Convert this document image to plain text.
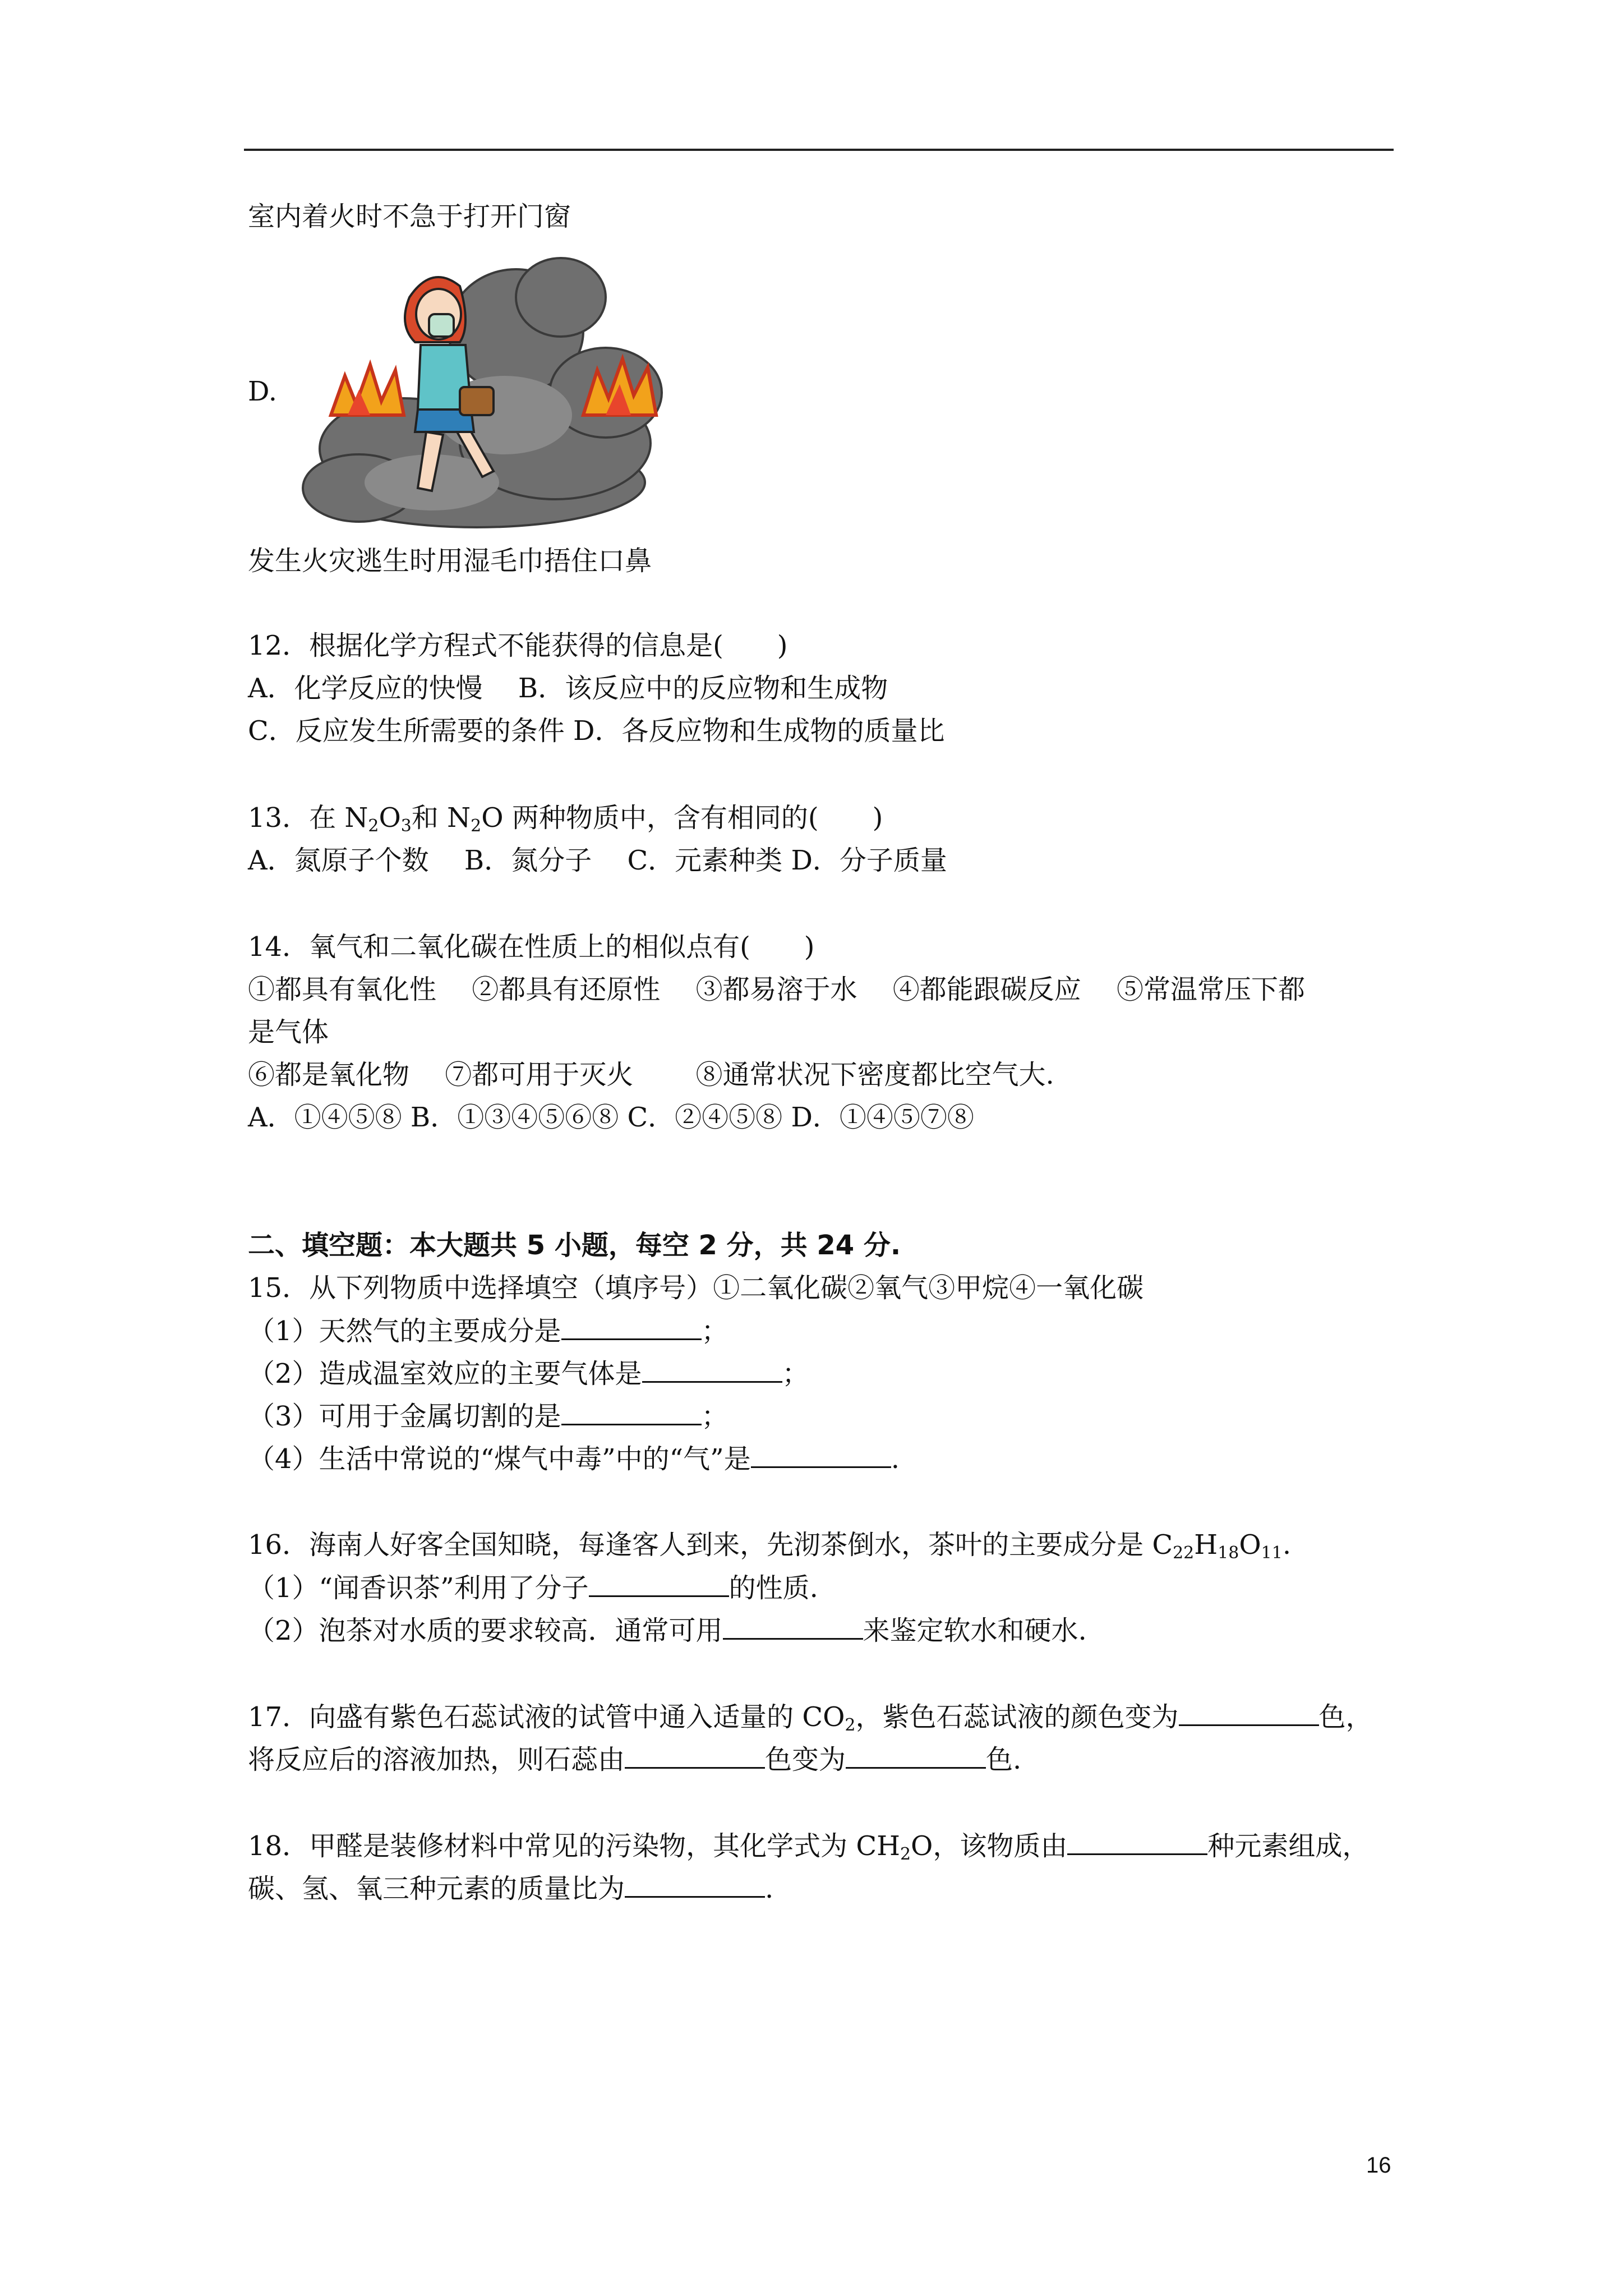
室内着火时不急于打开门窗
D.
发生火灾逃生时用湿毛巾捂住口鼻
12．根据化学方程式不能获得的信息是(　　)
A．化学反应的快慢　 B．该反应中的反应物和生成物
C．反应发生所需要的条件 D．各反应物和生成物的质量比
13．在 $N_2O_3$和 $N_2O$ 两种物质中，含有相同的(　　)
A．氮原子个数　 B．氮分子　 C．元素种类 D．分子质量
14．氧气和二氧化碳在性质上的相似点有(　　)
①都具有氧化性　 ②都具有还原性　 ③都易溶于水　 ④都能跟碳反应　 ⑤常温常压下都
是气体
⑥都是氧化物　 ⑦都可用于灭火　　 ⑧通常状况下密度都比空气大.
A．①④⑤⑧ B．①③④⑤⑥⑧ C．②④⑤⑧ D．①④⑤⑦⑧
二、填空题：本大题共 5 小题，每空 2 分，共 24 分.
15．从下列物质中选择填空（填序号）①二氧化碳②氧气③甲烷④一氧化碳
（1）天然气的主要成分是	；
（2）造成温室效应的主要气体是	；
（3）可用于金属切割的是	；
（4）生活中常说的“煤气中毒”中的“气”是	.
16．海南人好客全国知晓，每逢客人到来，先沏茶倒水，茶叶的主要成分是 $C_{22}H_{18}O_{11}$.
（1）“闻香识茶”利用了分子	的性质.
（2）泡茶对水质的要求较高．通常可用	来鉴定软水和硬水.
17．向盛有紫色石蕊试液的试管中通入适量的 $CO_2$，紫色石蕊试液的颜色变为	色，
将反应后的溶液加热，则石蕊由	色变为	色.
18．甲醛是装修材料中常见的污染物，其化学式为 $CH_2O$，该物质由	种元素组成，
碳、氢、氧三种元素的质量比为	.
16
